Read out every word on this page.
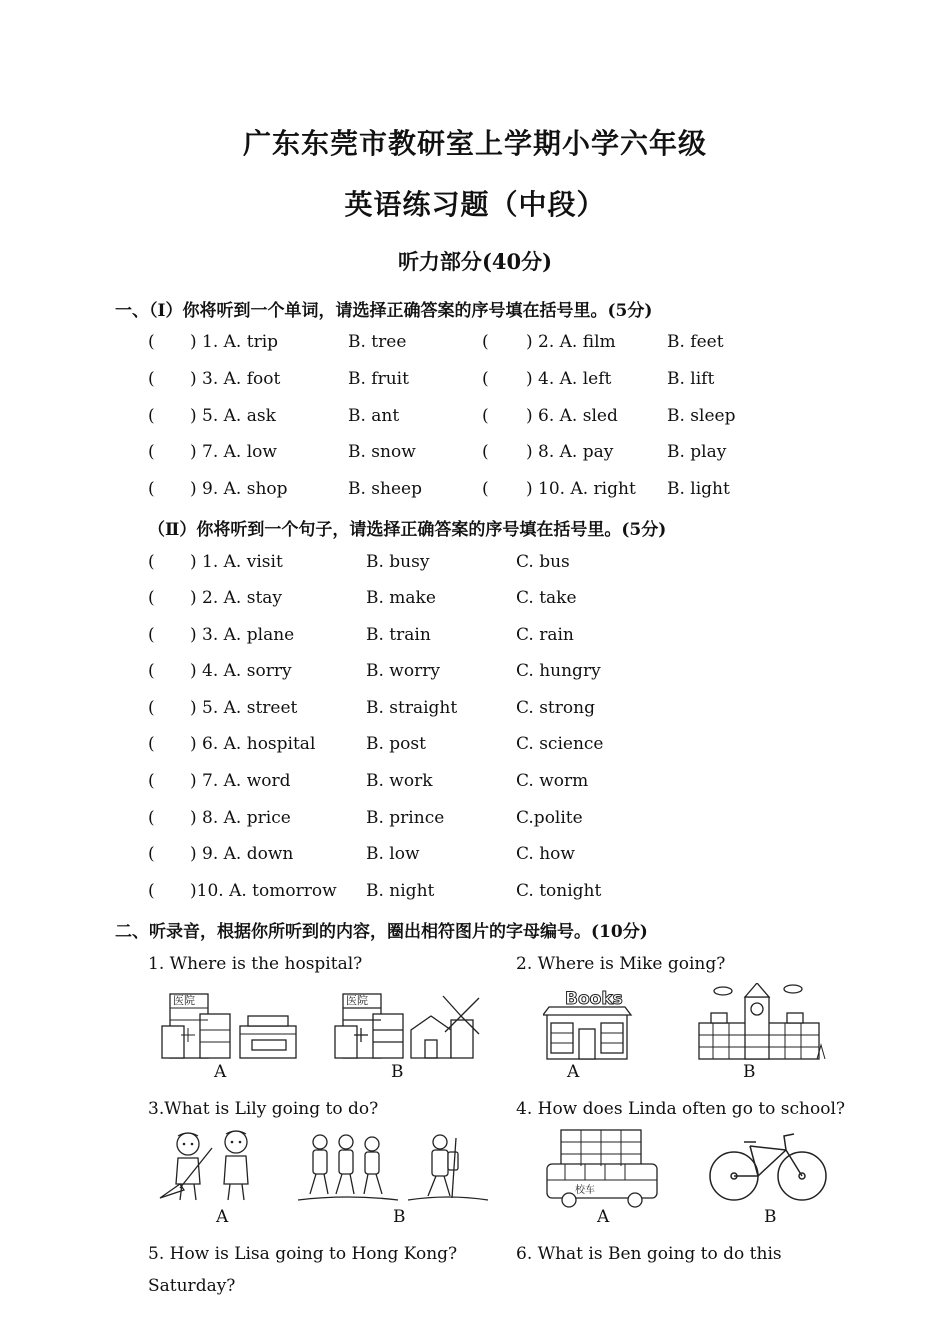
广东东莞市教研室上学期小学六年级
英语练习题（中段）
听力部分(40分)
一、（Ⅰ）你将听到一个单词，请选择正确答案的序号填在括号里。(5分)
( ) 1. A. trip	B. tree	( ) 2. A. film	B. feet
( ) 3. A. foot	B. fruit	( ) 4. A. left	B. lift
( ) 5. A. ask	B. ant	( ) 6. A. sled	B. sleep
( ) 7. A. low	B. snow	( ) 8. A. pay	B. play
( ) 9. A. shop	B. sheep	( ) 10. A. right B. light
（Ⅱ）你将听到一个句子，请选择正确答案的序号填在括号里。(5分)
( ) 1. A. visit	B. busy	C. bus
( ) 2. A. stay	B. make	C. take
( ) 3. A. plane	B. train	C. rain
( ) 4. A. sorry	B. worry	C. hungry
( ) 5. A. street	B. straight	C. strong
( ) 6. A. hospital	B. post	C. science
( ) 7. A. word	B. work	C. worm
( ) 8. A. price	B. prince	C.polite
( ) 9. A. down	B. low	C. how
( )10. A. tomorrow B. night	C. tonight
二、听录音，根据你所听到的内容，圈出相符图片的字母编号。(10分)
1. Where is the hospital?	2. Where is Mike going?
医院
A
医院
B
Books
A	B
3.What is Lily going to do?	4. How does Linda often go to school?
A	B
校车
A	B
5. How is Lisa going to Hong Kong?
Saturday?
6. What is Ben going to do this
